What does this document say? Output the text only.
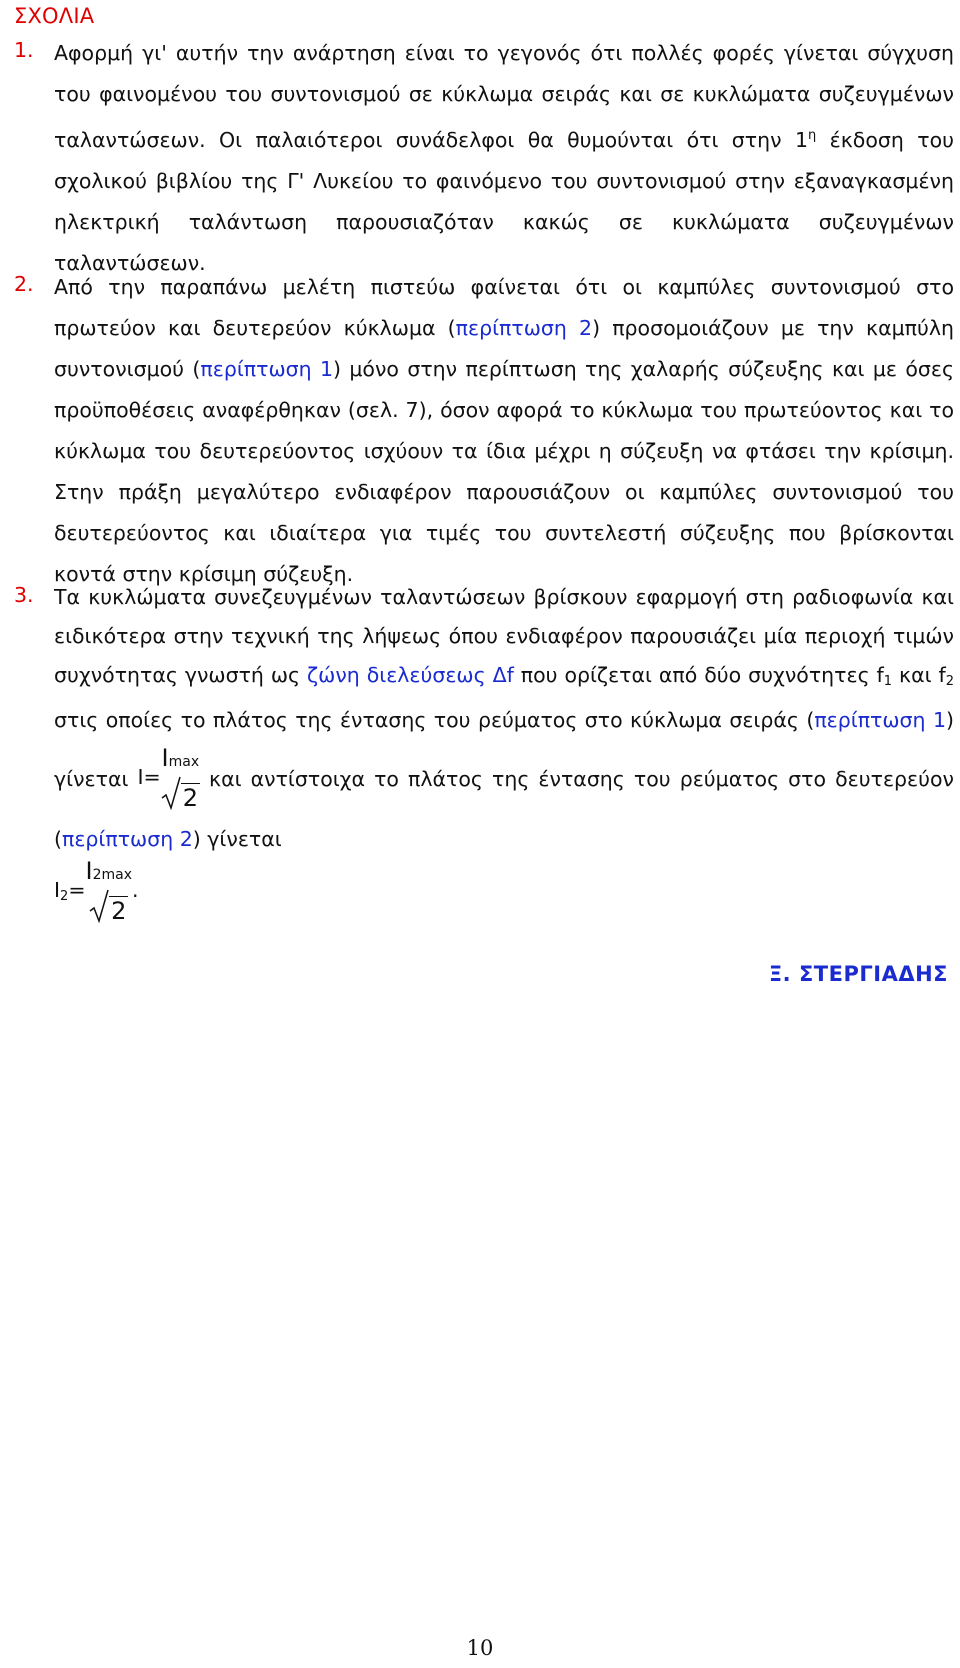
ΣΧΟΛΙΑ
1. Αφορμή γι' αυτήν την ανάρτηση είναι το γεγονός ότι πολλές φορές γίνεται σύγχυση του φαινομένου του συντονισμού σε κύκλωμα σειράς και σε κυκλώματα συζευγμένων ταλαντώσεων. Οι παλαιότεροι συνάδελφοι θα θυμούνται ότι στην $1^\eta$ έκδοση του σχολικού βιβλίου της Γ' Λυκείου το φαινόμενο του συντονισμού στην εξαναγκασμένη ηλεκτρική ταλάντωση παρουσιαζόταν κακώς σε κυκλώματα συζευγμένων ταλαντώσεων.
2. Από την παραπάνω μελέτη πιστεύω φαίνεται ότι οι καμπύλες συντονισμού στο πρωτεύον και δευτερεύον κύκλωμα (περίπτωση 2) προσομοιάζουν με την καμπύλη συντονισμού (περίπτωση 1) μόνο στην περίπτωση της χαλαρής σύζευξης και με όσες προϋποθέσεις αναφέρθηκαν (σελ. 7), όσον αφορά το κύκλωμα του πρωτεύοντος και το κύκλωμα του δευτερεύοντος ισχύουν τα ίδια μέχρι η σύζευξη να φτάσει την κρίσιμη. Στην πράξη μεγαλύτερο ενδιαφέρον παρουσιάζουν οι καμπύλες συντονισμού του δευτερεύοντος και ιδιαίτερα για τιμές του συντελεστή σύζευξης που βρίσκονται κοντά στην κρίσιμη σύζευξη.
3. Τα κυκλώματα συνεζευγμένων ταλαντώσεων βρίσκουν εφαρμογή στη ραδιοφωνία και ειδικότερα στην τεχνική της λήψεως όπου ενδιαφέρον παρουσιάζει μία περιοχή τιμών συχνότητας γνωστή ως ζώνη διελεύσεως Δf που ορίζεται από δύο συχνότητες $f_1$ και $f_2$ στις οποίες το πλάτος της έντασης του ρεύματος στο κύκλωμα σειράς (περίπτωση 1) γίνεται I=
Imax
2
και αντίστοιχα το πλάτος της έντασης του ρεύματος στο δευτερεύον (περίπτωση 2) γίνεται
$I_2=$
I2max
2
.
Ξ. ΣΤΕΡΓΙΑΔΗΣ
10
